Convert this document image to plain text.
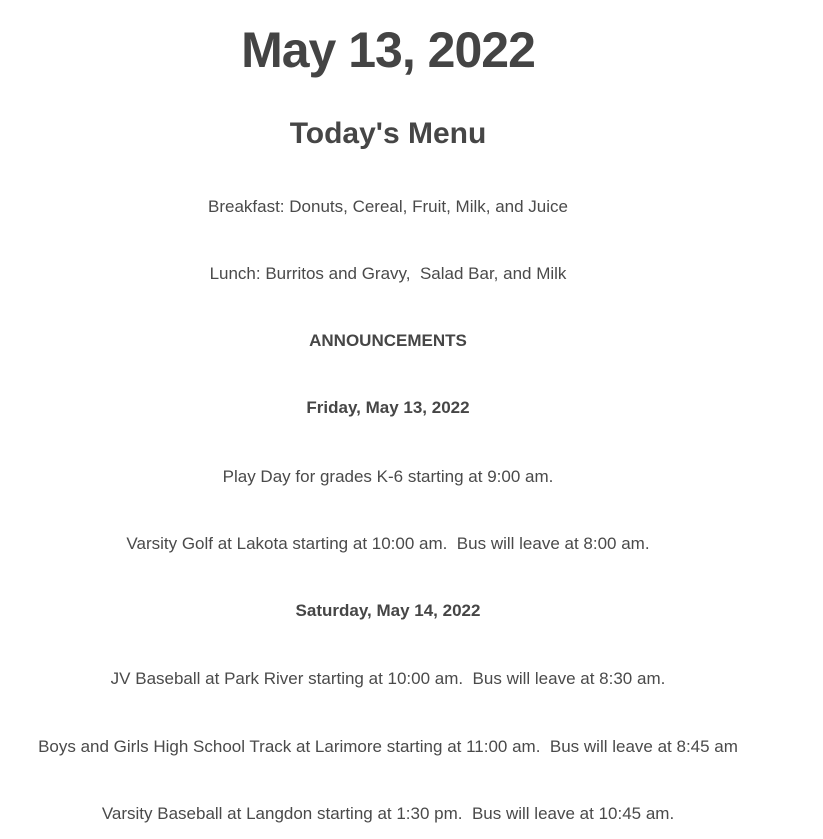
May 13, 2022
Today's Menu
Breakfast: Donuts, Cereal, Fruit, Milk, and Juice
Lunch: Burritos and Gravy,  Salad Bar, and Milk
ANNOUNCEMENTS
Friday, May 13, 2022
Play Day for grades K-6 starting at 9:00 am.
Varsity Golf at Lakota starting at 10:00 am.  Bus will leave at 8:00 am.
Saturday, May 14, 2022
JV Baseball at Park River starting at 10:00 am.  Bus will leave at 8:30 am.
Boys and Girls High School Track at Larimore starting at 11:00 am.  Bus will leave at 8:45 am
Varsity Baseball at Langdon starting at 1:30 pm.  Bus will leave at 10:45 am.
